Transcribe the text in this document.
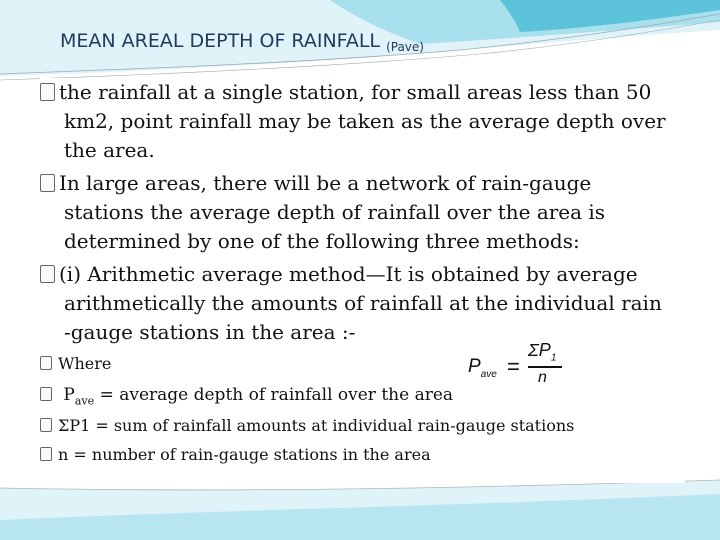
MEAN AREAL DEPTH OF RAINFALL $_{(Pave)}$
the rainfall at a single station, for small areas less than 50
km2, point rainfall may be taken as the average depth over
the area.
In large areas, there will be a network of rain-gauge
stations the average depth of rainfall over the area is
determined by one of the following three methods:
(i) Arithmetic average method—It is obtained by average
arithmetically the amounts of rainfall at the individual rain
-gauge stations in the area :-
Where
$P_{ave}$ = average depth of rainfall over the area
ΣP1 = sum of rainfall amounts at individual rain-gauge stations
n = number of rain-gauge stations in the area
$P_{ave}$ =
$\Sigma P_1$
n
